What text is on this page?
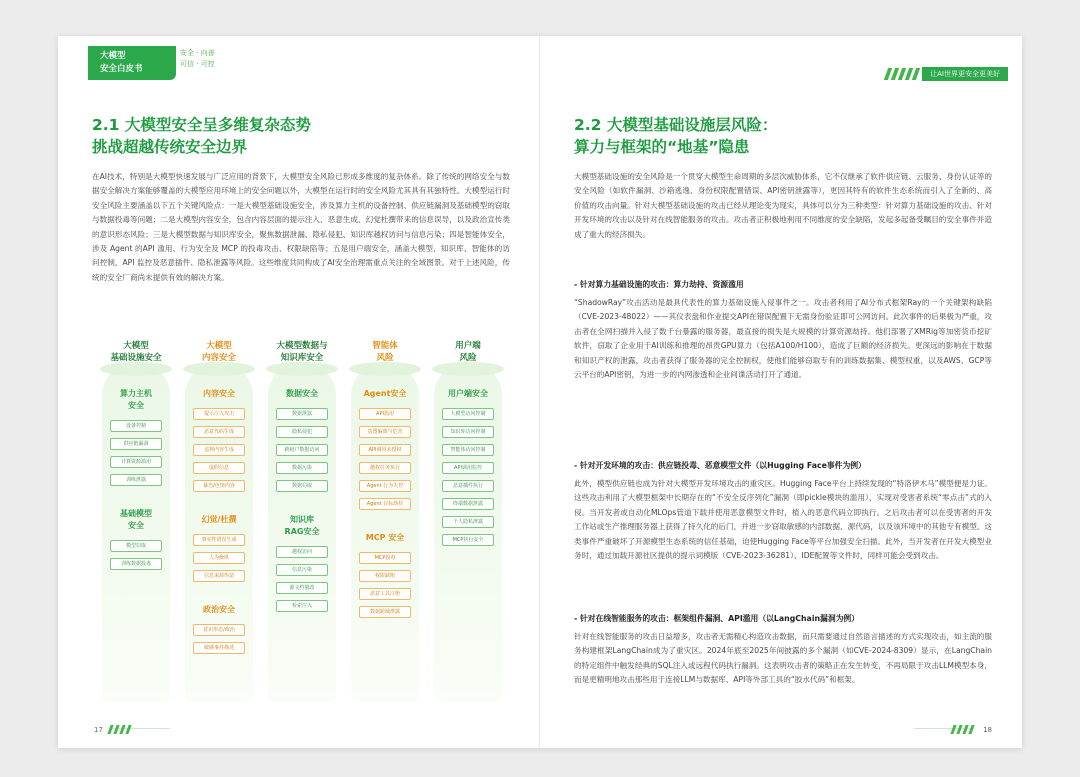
大模型
安全白皮书
安全 · 向善
可信 · 可控
2.1 大模型安全呈多维复杂态势
挑战超越传统安全边界

在AI技术，特别是大模型快速发展与广泛应用的背景下，大模型安全风险已形成多维度的复杂体系。除了传统的网络安全与数据安全解决方案能够覆盖的大模型应用环境上的安全问题以外，大模型在运行时的安全风险尤其具有其独特性。大模型运行时安全风险主要涵盖以下五个关键风险点：一是大模型基础设施安全，涉及算力主机的设备控制、供应链漏洞及基础模型的窃取与数据投毒等问题；二是大模型内容安全，包含内容层面的提示注入、恶意生成、幻觉杜撰带来的信息误导，以及政治宣传类的意识形态风险；三是大模型数据与知识库安全，聚焦数据泄漏、隐私侵犯、知识库越权访问与信息污染；四是智能体安全，涉及 Agent 的API 滥用、行为安全及 MCP 的投毒攻击、权限缺陷等；五是用户端安全，涵盖大模型、知识库、智能体的访问控制，API 监控及恶意插件、隐私泄露等风险。这些维度共同构成了AI安全治理需重点关注的全域图景。对于上述风险，传统的安全厂商尚未提供有效的解决方案。

大模型
基础设施安全
算力主机
安全
设备控制
供应链漏洞
计算资源滥用
训练泄露
基础模型
安全
模型窃取
训练数据投毒
大模型
内容安全
内容安全
提示注入攻击
恶意代码生成
违规内容生成
虚假信息
暴恐/色情内容
幻觉/杜撰
事实性错误生成
人为操纵
信息来源伪造
政治安全
意识形态/政治
敏感事件描述
大模型数据与
知识库安全
数据安全
数据泄露
隐私侵犯
跨租户数据访问
数据污染
数据窃取
知识库
RAG安全
越权访问
信息污染
源文档篡改
检索注入
智能体
风险
Agent安全
API滥用
意图偏离与危害
API调用未授权
越权任务执行
Agent 行为失控
Agent 目标劫持
MCP 安全
MCP投毒
权限缺陷
恶意工具注册
数据跨域泄露
用户端
风险
用户端安全
大模型访问控制
知识库访问控制
智能体访问控制
API调用监控
恶意插件执行
终端数据泄露
个人隐私泄露
MCP执行安全
17
让AI世界更安全更美好
2.2 大模型基础设施层风险：
算力与框架的“地基”隐患

大模型基础设施的安全风险是一个贯穿大模型生命周期的多层次威胁体系，它不仅继承了软件供应链、云服务、身份认证等的安全风险（如软件漏洞、沙箱逃逸、身份权限配置错误、API密钥泄露等），更因其特有的软件生态系统而引入了全新的、高价值的攻击向量。针对大模型基础设施的攻击已经从理论变为现实，具体可以分为三种类型：针对算力基础设施的攻击、针对开发环境的攻击以及针对在线智能服务的攻击。攻击者正积极地利用不同维度的安全缺陷，发起多起备受瞩目的安全事件并造成了重大的经济损失。

- 针对算力基础设施的攻击：算力劫持、资源滥用

“ShadowRay”攻击活动是最具代表性的算力基础设施入侵事件之一。攻击者利用了AI分布式框架Ray的一个关键架构缺陷（CVE-2023-48022）——其仪表盘和作业提交API在错误配置下无需身份验证即可公网访问。此次事件的后果极为严重，攻击者在全网扫描并入侵了数千台暴露的服务器，最直接的损失是大规模的计算资源劫持。他们部署了XMRig等加密货币挖矿软件，窃取了企业用于AI训练和推理的昂贵GPU算力（包括A100/H100），造成了巨额的经济损失。更深远的影响在于数据和知识产权的泄露，攻击者获得了服务器的完全控制权，使他们能够窃取专有的训练数据集、模型权重，以及AWS、GCP等云平台的API密钥，为进一步的内网渗透和企业间谍活动打开了通道。

- 针对开发环境的攻击：供应链投毒、恶意模型文件（以Hugging Face事件为例）

此外，模型供应链也成为针对大模型开发环境攻击的重灾区。Hugging Face平台上持续发现的“特洛伊木马”模型便是力证。这些攻击利用了大模型框架中长期存在的“不安全反序列化”漏洞（即pickle模块的滥用），实现对受害者系统“零点击”式的入侵。当开发者或自动化MLOps管道下载并使用恶意模型文件时，植入的恶意代码立即执行。之后攻击者可以在受害者的开发工作站或生产推理服务器上获得了持久化的后门，并进一步窃取敏感的内部数据、源代码，以及该环境中的其他专有模型。这类事件严重破坏了开源模型生态系统的信任基础，迫使Hugging Face等平台加强安全扫描。此外，当开发者在开发大模型业务时，通过加载开源社区提供的提示词模版（CVE-2023-36281）、IDE配置等文件时，同样可能会受到攻击。

- 针对在线智能服务的攻击：框架组件漏洞、API滥用（以LangChain漏洞为例）

针对在线智能服务的攻击日益增多，攻击者无需精心构造攻击数据，而只需要通过自然语言描述的方式实现攻击，如主流的服务构建框架LangChain成为了重灾区。2024年底至2025年间披露的多个漏洞（如CVE-2024-8309）显示，在LangChain的特定组件中触发经典的SQL注入或远程代码执行漏洞。这表明攻击者的策略正在发生转变，不再局限于攻击LLM模型本身，而是更精明地攻击那些用于连接LLM与数据库、API等外部工具的“胶水代码”和框架。

18
